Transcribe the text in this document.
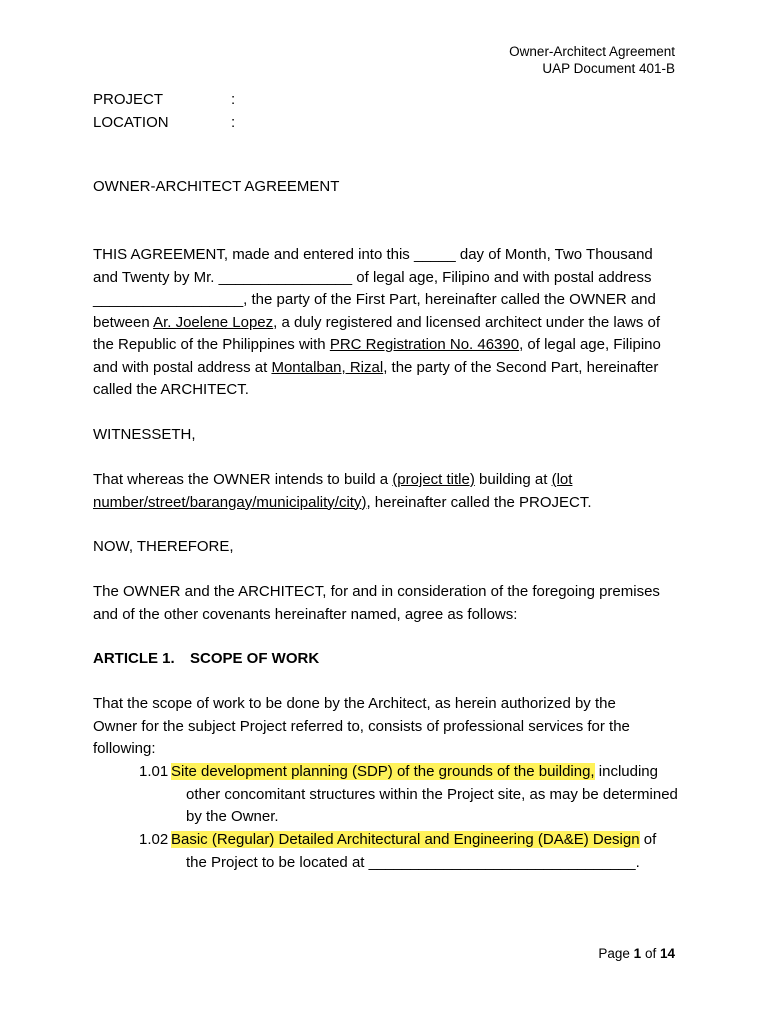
Owner-Architect Agreement
UAP Document 401-B
PROJECT	:
LOCATION	:
OWNER-ARCHITECT AGREEMENT
THIS AGREEMENT, made and entered into this _____ day of Month, Two Thousand and Twenty by Mr. ________________ of legal age, Filipino and with postal address __________________, the party of the First Part, hereinafter called the OWNER and between Ar. Joelene Lopez, a duly registered and licensed architect under the laws of the Republic of the Philippines with PRC Registration No. 46390, of legal age, Filipino and with postal address at Montalban, Rizal, the party of the Second Part, hereinafter called the ARCHITECT.
WITNESSETH,
That whereas the OWNER intends to build a (project title) building at (lot number/street/barangay/municipality/city), hereinafter called the PROJECT.
NOW, THEREFORE,
The OWNER and the ARCHITECT, for and in consideration of the foregoing premises and of the other covenants hereinafter named, agree as follows:
ARTICLE 1. SCOPE OF WORK
That the scope of work to be done by the Architect, as herein authorized by the Owner for the subject Project referred to, consists of professional services for the following:
1.01 Site development planning (SDP) of the grounds of the building, including
other concomitant structures within the Project site, as may be determined
by the Owner.
1.02 Basic (Regular) Detailed Architectural and Engineering (DA&E) Design of
the Project to be located at ________________________________.
Page 1 of 14
